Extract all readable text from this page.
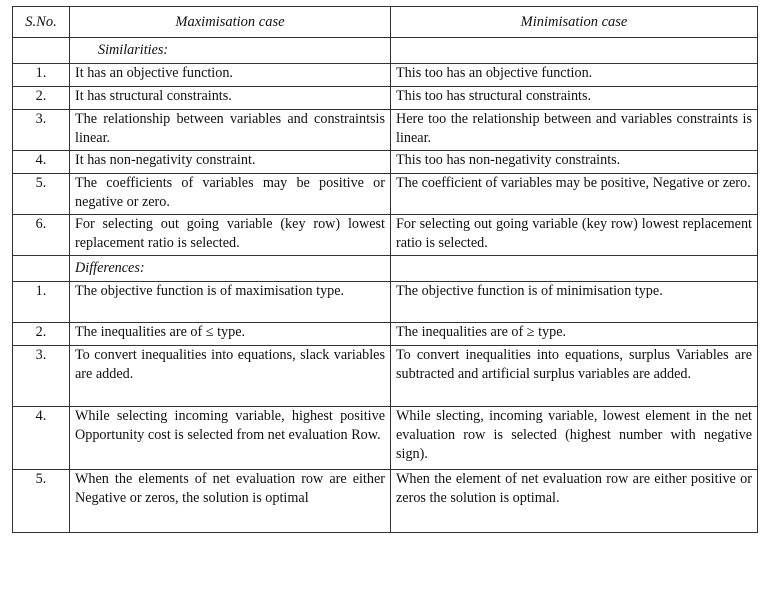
S.No.	Maximisation case	Minimisation case
	Similarities:	
1.	It has an objective function.	This too has an objective function.
2.	It has structural constraints.	This too has structural constraints.
3.	The relationship between variables and constraintsis linear.	Here too the relationship between and variables constraints is linear.
4.	It has non-negativity constraint.	This too has non-negativity constraints.
5.	The coefficients of variables may be positive or negative or zero.	The coefficient of variables may be positive, Negative or zero.
6.	For selecting out going variable (key row) lowest replacement ratio is selected.	For selecting out going variable (key row) lowest replacement ratio is selected.
	Differences:	
1.	The objective function is of maximisation type.	The objective function is of minimisation type.
2.	The inequalities are of ≤ type.	The inequalities are of ≥ type.
3.	To convert inequalities into equations, slack variables are added.	To convert inequalities into equations, surplus Variables are subtracted and artificial surplus variables are added.
4.	While selecting incoming variable, highest positive Opportunity cost is selected from net evaluation Row.	While slecting, incoming variable, lowest element in the net evaluation row is selected (highest number with negative sign).
5.	When the elements of net evaluation row are either Negative or zeros, the solution is optimal	When the element of net evaluation row are either positive or zeros the solution is optimal.
